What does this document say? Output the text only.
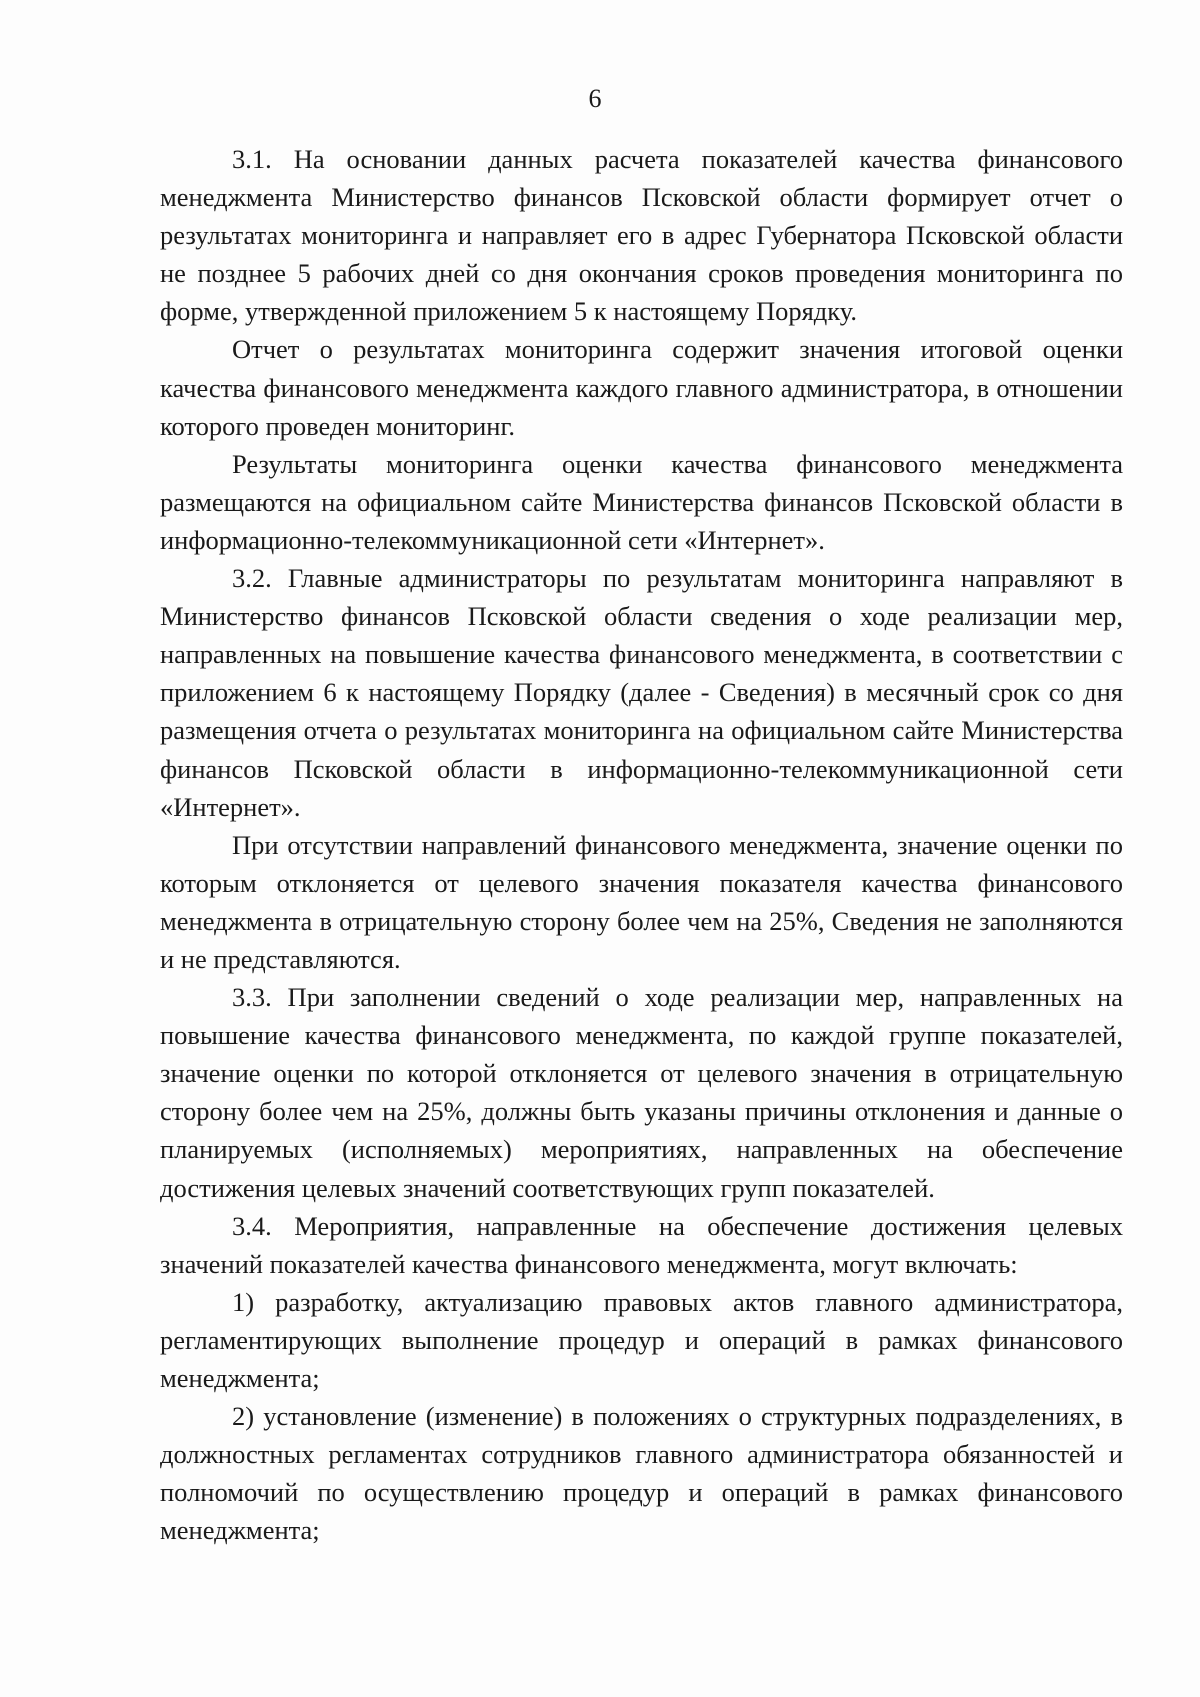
6

3.1. На основании данных расчета показателей качества финансового менеджмента Министерство финансов Псковской области формирует отчет о результатах мониторинга и направляет его в адрес Губернатора Псковской области не позднее 5 рабочих дней со дня окончания сроков проведения мониторинга по форме, утвержденной приложением 5 к настоящему Порядку.

Отчет о результатах мониторинга содержит значения итоговой оценки качества финансового менеджмента каждого главного администратора, в отношении которого проведен мониторинг.

Результаты мониторинга оценки качества финансового менеджмента размещаются на официальном сайте Министерства финансов Псковской области в информационно-телекоммуникационной сети «Интернет».

3.2. Главные администраторы по результатам мониторинга направляют в Министерство финансов Псковской области сведения о ходе реализации мер, направленных на повышение качества финансового менеджмента, в соответствии с приложением 6 к настоящему Порядку (далее - Сведения) в месячный срок со дня размещения отчета о результатах мониторинга на официальном сайте Министерства финансов Псковской области в информационно-телекоммуникационной сети «Интернет».

При отсутствии направлений финансового менеджмента, значение оценки по которым отклоняется от целевого значения показателя качества финансового менеджмента в отрицательную сторону более чем на 25%, Сведения не заполняются и не представляются.

3.3. При заполнении сведений о ходе реализации мер, направленных на повышение качества финансового менеджмента, по каждой группе показателей, значение оценки по которой отклоняется от целевого значения в отрицательную сторону более чем на 25%, должны быть указаны причины отклонения и данные о планируемых (исполняемых) мероприятиях, направленных на обеспечение достижения целевых значений соответствующих групп показателей.

3.4. Мероприятия, направленные на обеспечение достижения целевых значений показателей качества финансового менеджмента, могут включать:

1) разработку, актуализацию правовых актов главного администратора, регламентирующих выполнение процедур и операций в рамках финансового менеджмента;

2) установление (изменение) в положениях о структурных подразделениях, в должностных регламентах сотрудников главного администратора обязанностей и полномочий по осуществлению процедур и операций в рамках финансового менеджмента;
